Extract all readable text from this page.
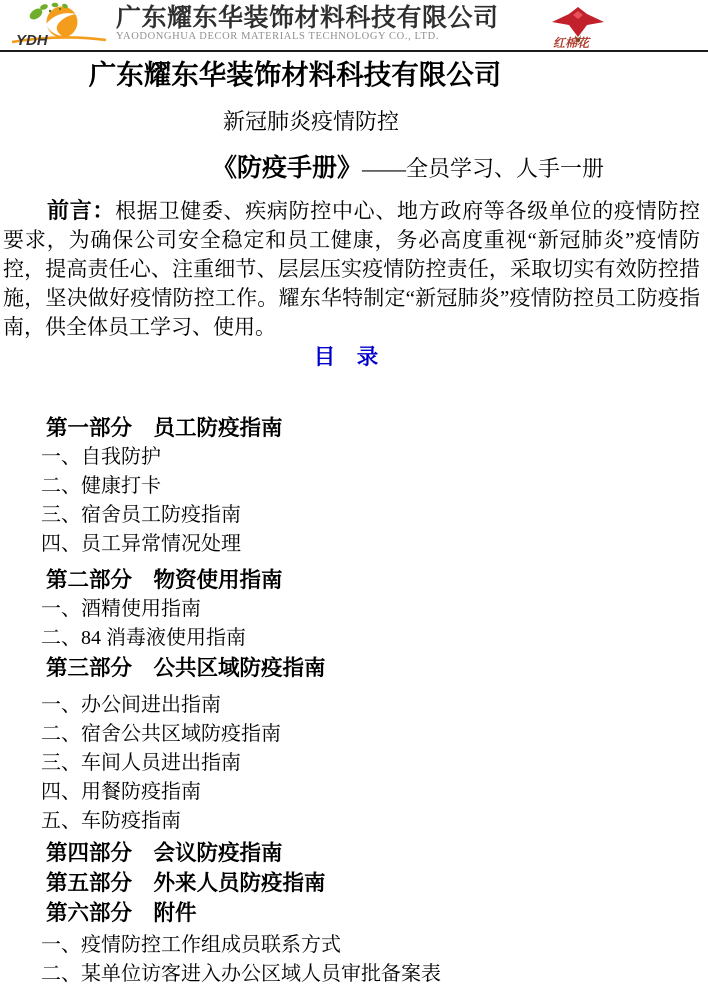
YDH
广东耀东华装饰材料科技有限公司
YAODONGHUA DECOR MATERIALS TECHNOLOGY CO., LTD.	红棉花
广东耀东华装饰材料科技有限公司
新冠肺炎疫情防控
《防疫手册》——全员学习、人手一册
前言：根据卫健委、疾病防控中心、地方政府等各级单位的疫情防控要求，为确保公司安全稳定和员工健康，务必高度重视“新冠肺炎”疫情防控，提高责任心、注重细节、层层压实疫情防控责任，采取切实有效防控措施，坚决做好疫情防控工作。耀东华特制定“新冠肺炎”疫情防控员工防疫指南，供全体员工学习、使用。
目　录
第一部分　员工防疫指南
一、自我防护
二、健康打卡
三、宿舍员工防疫指南
四、员工异常情况处理
第二部分　物资使用指南
一、酒精使用指南
二、84 消毒液使用指南
第三部分　公共区域防疫指南
一、办公间进出指南
二、宿舍公共区域防疫指南
三、车间人员进出指南
四、用餐防疫指南
五、车防疫指南
第四部分　会议防疫指南
第五部分　外来人员防疫指南
第六部分　附件
一、疫情防控工作组成员联系方式
二、某单位访客进入办公区域人员审批备案表
